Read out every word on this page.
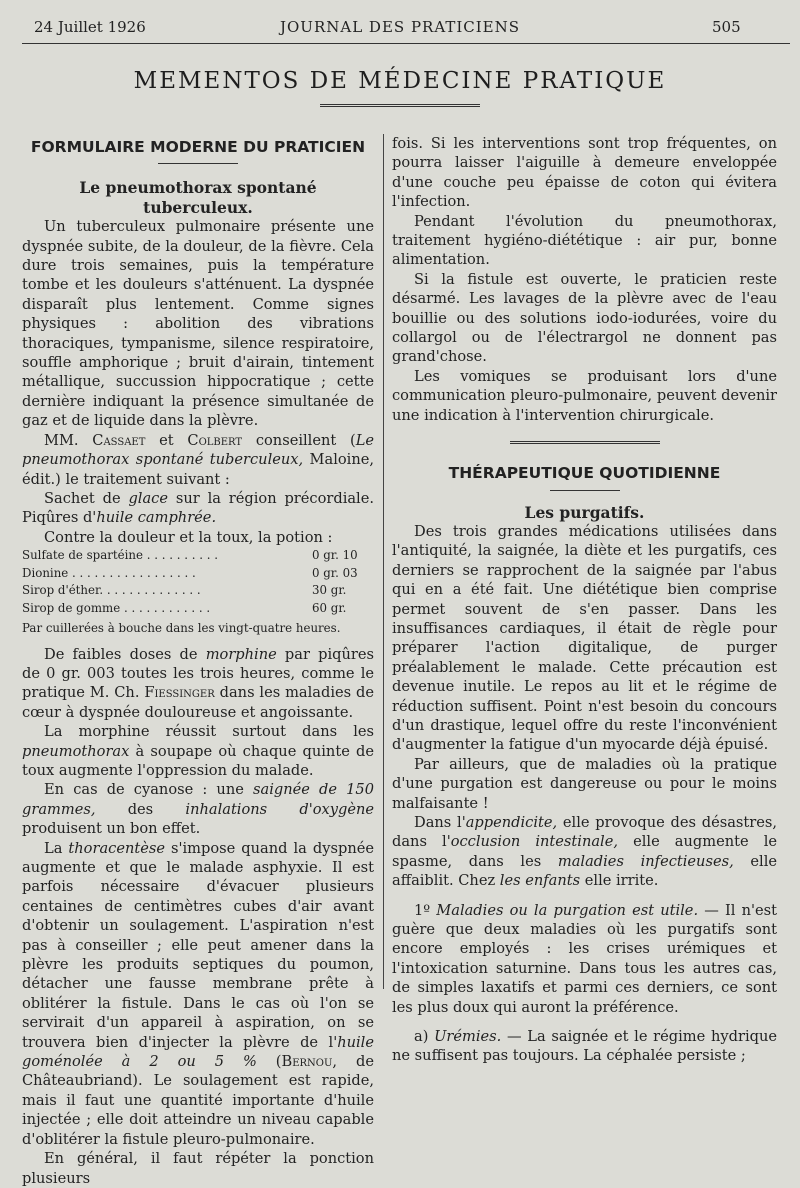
24 Juillet 1926	JOURNAL DES PRATICIENS	505
MEMENTOS DE MÉDECINE PRATIQUE
FORMULAIRE MODERNE DU PRATICIEN

Le pneumothorax spontané tuberculeux.

Un tuberculeux pulmonaire présente une dyspnée subite, de la douleur, de la fièvre. Cela dure trois semaines, puis la température tombe et les douleurs s'atténuent. La dyspnée disparaît plus lentement. Comme signes physiques : abolition des vibrations thoraciques, tympanisme, silence respiratoire, souffle amphorique ; bruit d'airain, tintement métallique, succussion hippocratique ; cette dernière indiquant la présence simultanée de gaz et de liquide dans la plèvre.

MM. Cassaet et Colbert conseillent (Le pneumothorax spontané tuberculeux, Maloine, édit.) le traitement suivant :

Sachet de glace sur la région précordiale. Piqûres d'huile camphrée.

Contre la douleur et la toux, la potion :

Sulfate de spartéine . . . . . . . . . .	0 gr. 10
Dionine . . . . . . . . . . . . . . . . .	0 gr. 03
Sirop d'éther. . . . . . . . . . . . . .	30 gr.
Sirop de gomme . . . . . . . . . . . .	60 gr.

Par cuillerées à bouche dans les vingt-quatre heures.

De faibles doses de morphine par piqûres de 0 gr. 003 toutes les trois heures, comme le pratique M. Ch. Fiessinger dans les maladies de cœur à dyspnée douloureuse et angoissante.

La morphine réussit surtout dans les pneumothorax à soupape où chaque quinte de toux augmente l'oppression du malade.

En cas de cyanose : une saignée de 150 grammes, des inhalations d'oxygène produisent un bon effet.

La thoracentèse s'impose quand la dyspnée augmente et que le malade asphyxie. Il est parfois nécessaire d'évacuer plusieurs centaines de centimètres cubes d'air avant d'obtenir un soulagement. L'aspiration n'est pas à conseiller ; elle peut amener dans la plèvre les produits septiques du poumon, détacher une fausse membrane prête à oblitérer la fistule. Dans le cas où l'on se servirait d'un appareil à aspiration, on se trouvera bien d'injecter la plèvre de l'huile goménolée à 2 ou 5 % (Bernou, de Châteaubriand). Le soulagement est rapide, mais il faut une quantité importante d'huile injectée ; elle doit atteindre un niveau capable d'oblitérer la fistule pleuro-pulmonaire.

En général, il faut répéter la ponction plusieurs

fois. Si les interventions sont trop fréquentes, on pourra laisser l'aiguille à demeure enveloppée d'une couche peu épaisse de coton qui évitera l'infection.

Pendant l'évolution du pneumothorax, traitement hygiéno-diététique : air pur, bonne alimentation.

Si la fistule est ouverte, le praticien reste désarmé. Les lavages de la plèvre avec de l'eau bouillie ou des solutions iodo-iodurées, voire du collargol ou de l'électrargol ne donnent pas grand'chose.

Les vomiques se produisant lors d'une communication pleuro-pulmonaire, peuvent devenir une indication à l'intervention chirurgicale.

THÉRAPEUTIQUE QUOTIDIENNE

Les purgatifs.

Des trois grandes médications utilisées dans l'antiquité, la saignée, la diète et les purgatifs, ces derniers se rapprochent de la saignée par l'abus qui en a été fait. Une diététique bien comprise permet souvent de s'en passer. Dans les insuffisances cardiaques, il était de règle pour préparer l'action digitalique, de purger préalablement le malade. Cette précaution est devenue inutile. Le repos au lit et le régime de réduction suffisent. Point n'est besoin du concours d'un drastique, lequel offre du reste l'inconvénient d'augmenter la fatigue d'un myocarde déjà épuisé.

Par ailleurs, que de maladies où la pratique d'une purgation est dangereuse ou pour le moins malfaisante !

Dans l'appendicite, elle provoque des désastres, dans l'occlusion intestinale, elle augmente le spasme, dans les maladies infectieuses, elle affaiblit. Chez les enfants elle irrite.

1º Maladies ou la purgation est utile. — Il n'est guère que deux maladies où les purgatifs sont encore employés : les crises urémiques et l'intoxication saturnine. Dans tous les autres cas, de simples laxatifs et parmi ces derniers, ce sont les plus doux qui auront la préférence.

a) Urémies. — La saignée et le régime hydrique ne suffisent pas toujours. La céphalée persiste ;
